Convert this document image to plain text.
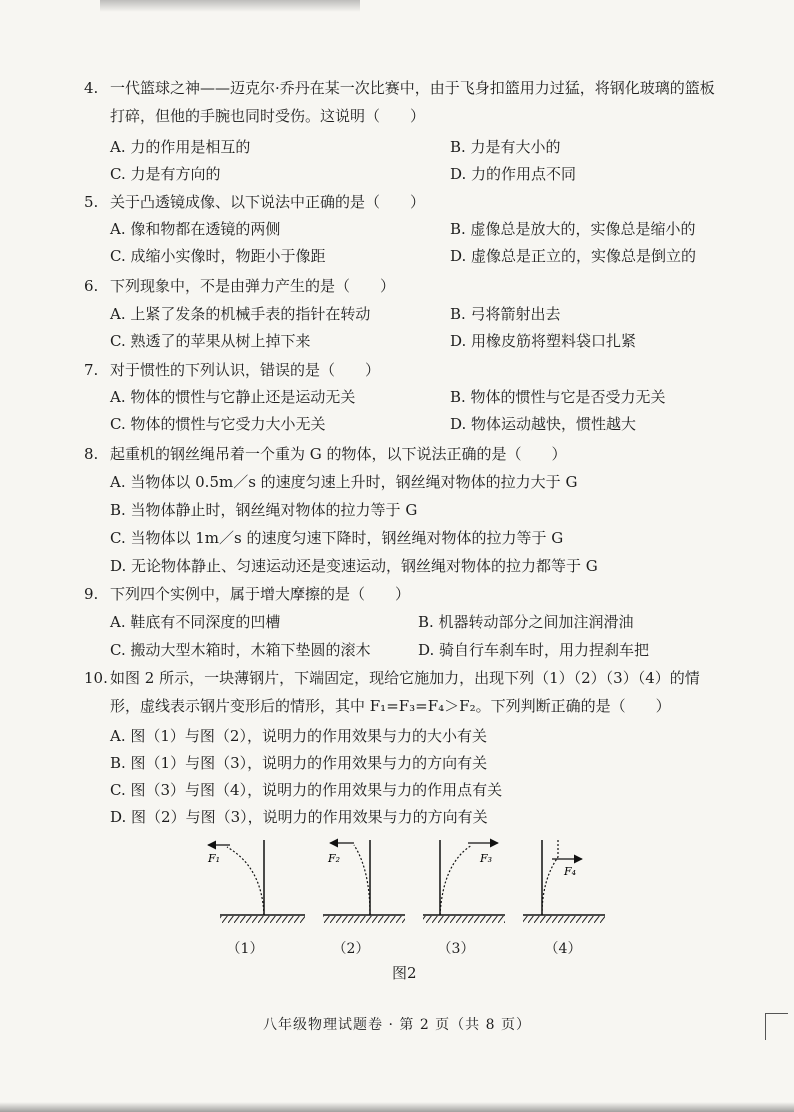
4. 一代篮球之神——迈克尔·乔丹在某一次比赛中，由于飞身扣篮用力过猛，将钢化玻璃的篮板
打碎，但他的手腕也同时受伤。这说明（　　）
A. 力的作用是相互的	B. 力是有大小的
C. 力是有方向的	D. 力的作用点不同
5. 关于凸透镜成像、以下说法中正确的是（　　）
A. 像和物都在透镜的两侧	B. 虚像总是放大的，实像总是缩小的
C. 成缩小实像时，物距小于像距	D. 虚像总是正立的，实像总是倒立的
6. 下列现象中，不是由弹力产生的是（　　）
A. 上紧了发条的机械手表的指针在转动	B. 弓将箭射出去
C. 熟透了的苹果从树上掉下来	D. 用橡皮筋将塑料袋口扎紧
7. 对于惯性的下列认识，错误的是（　　）
A. 物体的惯性与它静止还是运动无关	B. 物体的惯性与它是否受力无关
C. 物体的惯性与它受力大小无关	D. 物体运动越快，惯性越大
8. 起重机的钢丝绳吊着一个重为 G 的物体，以下说法正确的是（　　）
A. 当物体以 0.5m／s 的速度匀速上升时，钢丝绳对物体的拉力大于 G
B. 当物体静止时，钢丝绳对物体的拉力等于 G
C. 当物体以 1m／s 的速度匀速下降时，钢丝绳对物体的拉力等于 G
D. 无论物体静止、匀速运动还是变速运动，钢丝绳对物体的拉力都等于 G
9. 下列四个实例中，属于增大摩擦的是（　　）
A. 鞋底有不同深度的凹槽	B. 机器转动部分之间加注润滑油
C. 搬动大型木箱时，木箱下垫圆的滚木	D. 骑自行车刹车时，用力捏刹车把
10. 如图 2 所示，一块薄钢片，下端固定，现给它施加力，出现下列（1）（2）（3）（4）的情
形，虚线表示钢片变形后的情形，其中 F₁=F₃=F₄＞F₂。下列判断正确的是（　　）
A. 图（1）与图（2），说明力的作用效果与力的大小有关
B. 图（1）与图（3），说明力的作用效果与力的方向有关
C. 图（3）与图（4），说明力的作用效果与力的作用点有关
D. 图（2）与图（3），说明力的作用效果与力的方向有关
F₁	F₂	F₃
F₄
（1）	（2）	（3）	（4）
图2
八年级物理试题卷 · 第 2 页（共 8 页）
